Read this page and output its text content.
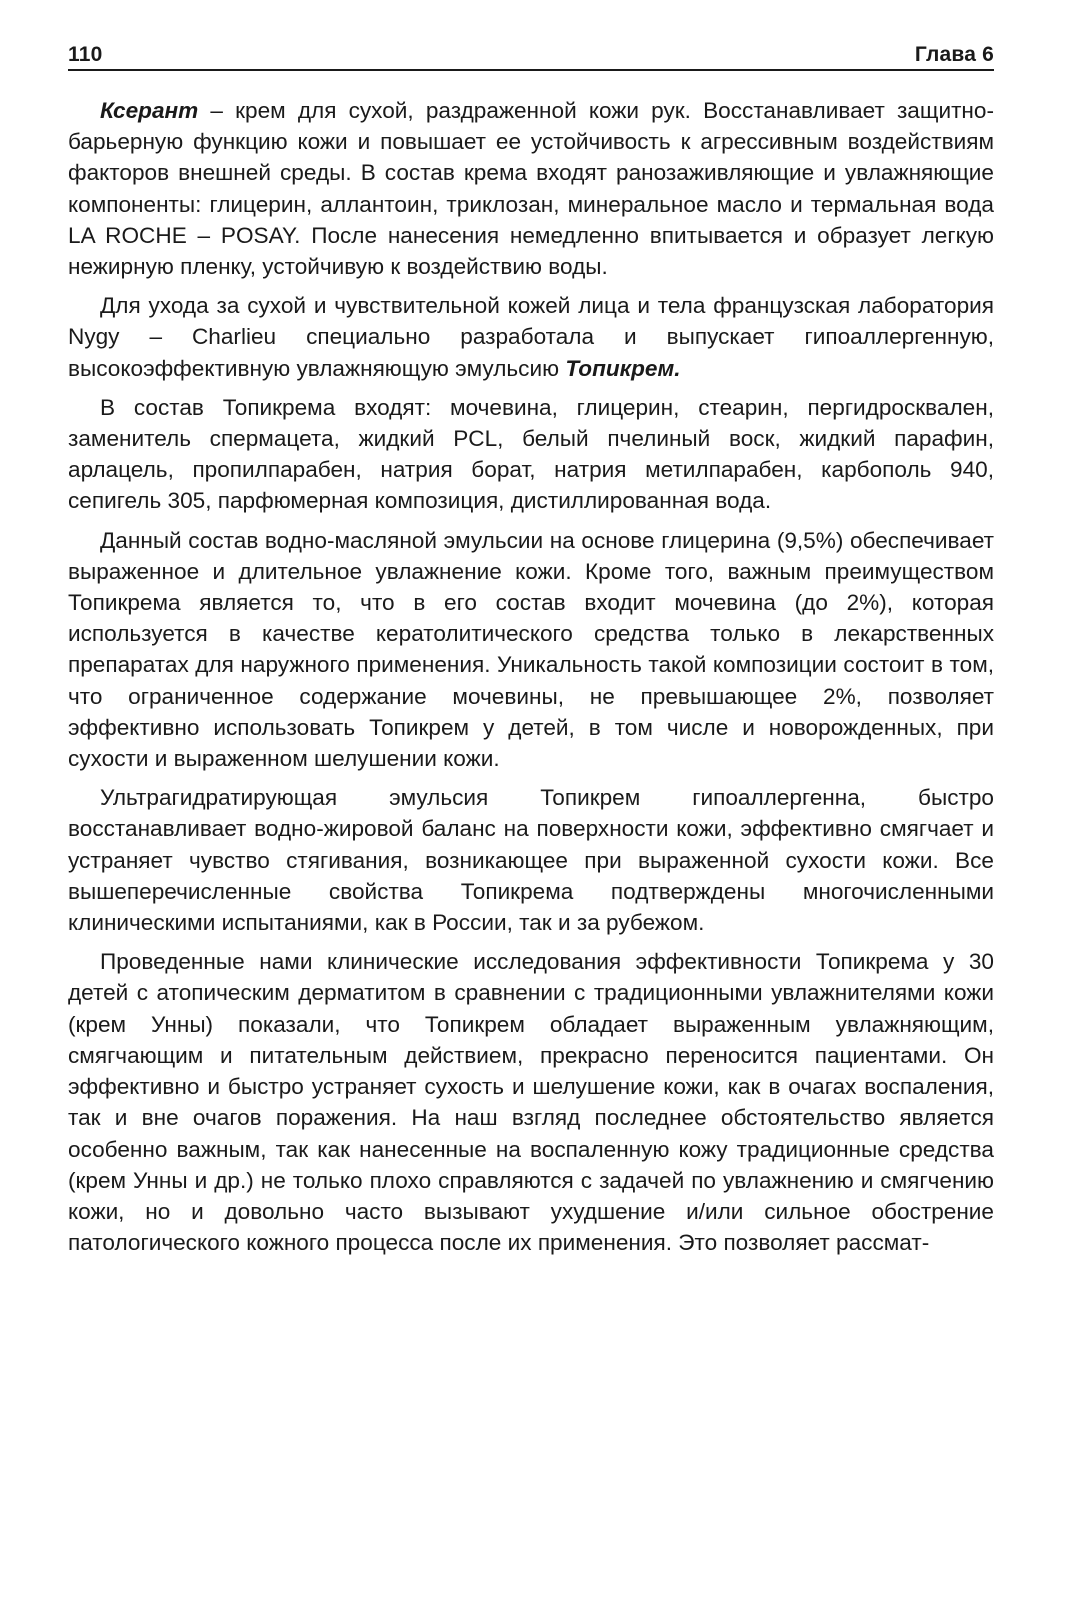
110	Глава 6

Ксерант – крем для сухой, раздраженной кожи рук. Восстанавливает защитно-барьерную функцию кожи и повышает ее устойчивость к агрессивным воздействиям факторов внешней среды. В состав крема входят ранозаживляющие и увлажняющие компоненты: глицерин, аллантоин, триклозан, минеральное масло и термальная вода LA ROCHE – POSAY. После нанесения немедленно впитывается и образует легкую нежирную пленку, устойчивую к воздействию воды.

Для ухода за сухой и чувствительной кожей лица и тела французская лаборатория Nygy – Charlieu специально разработала и выпускает гипоаллергенную, высокоэффективную увлажняющую эмульсию Топикрем.

В состав Топикрема входят: мочевина, глицерин, стеарин, пергидросквален, заменитель спермацета, жидкий PCL, белый пчелиный воск, жидкий парафин, арлацель, пропилпарабен, натрия борат, натрия метилпарабен, карбополь 940, сепигель 305, парфюмерная композиция, дистиллированная вода.

Данный состав водно-масляной эмульсии на основе глицерина (9,5%) обеспечивает выраженное и длительное увлажнение кожи. Кроме того, важным преимуществом Топикрема является то, что в его состав входит мочевина (до 2%), которая используется в качестве кератолитического средства только в лекарственных препаратах для наружного применения. Уникальность такой композиции состоит в том, что ограниченное содержание мочевины, не превышающее 2%, позволяет эффективно использовать Топикрем у детей, в том числе и новорожденных, при сухости и выраженном шелушении кожи.

Ультрагидратирующая эмульсия Топикрем гипоаллергенна, быстро восстанавливает водно-жировой баланс на поверхности кожи, эффективно смягчает и устраняет чувство стягивания, возникающее при выраженной сухости кожи. Все вышеперечисленные свойства Топикрема подтверждены многочисленными клиническими испытаниями, как в России, так и за рубежом.

Проведенные нами клинические исследования эффективности Топикрема у 30 детей с атопическим дерматитом в сравнении с традиционными увлажнителями кожи (крем Унны) показали, что Топикрем обладает выраженным увлажняющим, смягчающим и питательным действием, прекрасно переносится пациентами. Он эффективно и быстро устраняет сухость и шелушение кожи, как в очагах воспаления, так и вне очагов поражения. На наш взгляд последнее обстоятельство является особенно важным, так как нанесенные на воспаленную кожу традиционные средства (крем Унны и др.) не только плохо справляются с задачей по увлажнению и смягчению кожи, но и довольно часто вызывают ухудшение и/или сильное обострение патологического кожного процесса после их применения. Это позволяет рассмат-
